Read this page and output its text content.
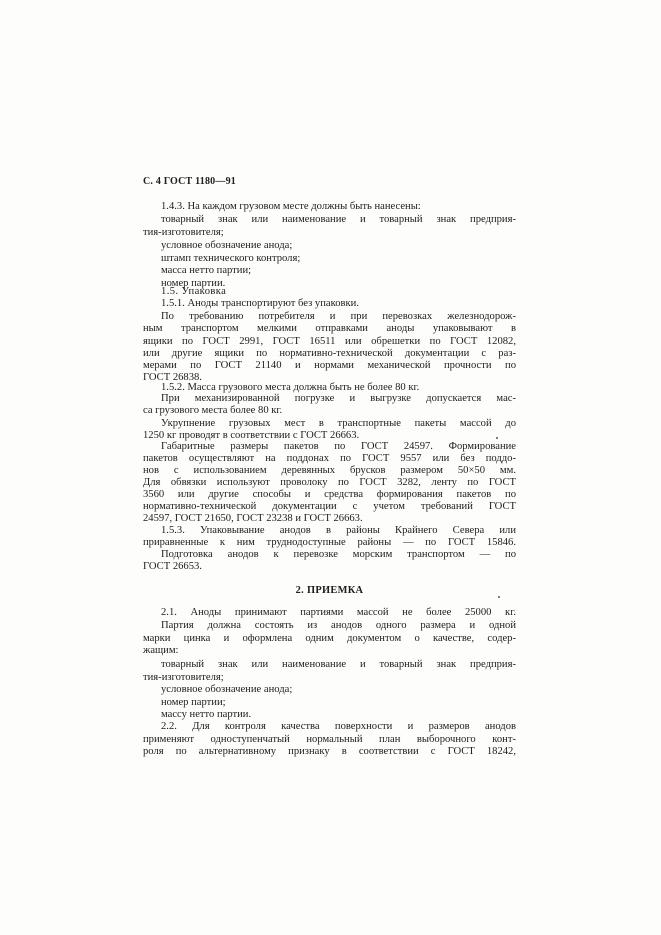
С. 4 ГОСТ 1180—91
1.4.3. На каждом грузовом месте должны быть нанесены:
товарный знак или наименование и товарный знак предприя-
тия-изготовителя;
условное обозначение анода;
штамп технического контроля;
масса нетто партии;
номер партии.
1.5. Упаковка
1.5.1. Аноды транспортируют без упаковки.
По требованию потребителя и при перевозках железнодорож-
ным транспортом мелкими отправками аноды упаковывают в
ящики по ГОСТ 2991, ГОСТ 16511 или обрешетки по ГОСТ 12082,
или другие ящики по нормативно-технической документации с раз-
мерами по ГОСТ 21140 и нормами механической прочности по
ГОСТ 26838.
1.5.2. Масса грузового места должна быть не более 80 кг.
При механизированной погрузке и выгрузке допускается мас-
са грузового места более 80 кг.
Укрупнение грузовых мест в транспортные пакеты массой до
1250 кг проводят в соответствии с ГОСТ 26663.
Габаритные размеры пакетов по ГОСТ 24597. Формирование
пакетов осуществляют на поддонах по ГОСТ 9557 или без поддо-
нов с использованием деревянных брусков размером 50×50 мм.
Для обвязки используют проволоку по ГОСТ 3282, ленту по ГОСТ
3560 или другие способы и средства формирования пакетов по
нормативно-технической документации с учетом требований ГОСТ
24597, ГОСТ 21650, ГОСТ 23238 и ГОСТ 26663.
1.5.3. Упаковывание анодов в районы Крайнего Севера или
приравненные к ним труднодоступные районы — по ГОСТ 15846.
Подготовка анодов к перевозке морским транспортом — по
ГОСТ 26653.
2. ПРИЕМКА
2.1. Аноды принимают партиями массой не более 25000 кг.
Партия должна состоять из анодов одного размера и одной
марки цинка и оформлена одним документом о качестве, содер-
жащим:
товарный знак или наименование и товарный знак предприя-
тия-изготовителя;
условное обозначение анода;
номер партии;
массу нетто партии.
2.2. Для контроля качества поверхности и размеров анодов
применяют одноступенчатый нормальный план выборочного конт-
роля по альтернативному признаку в соответствии с ГОСТ 18242,
